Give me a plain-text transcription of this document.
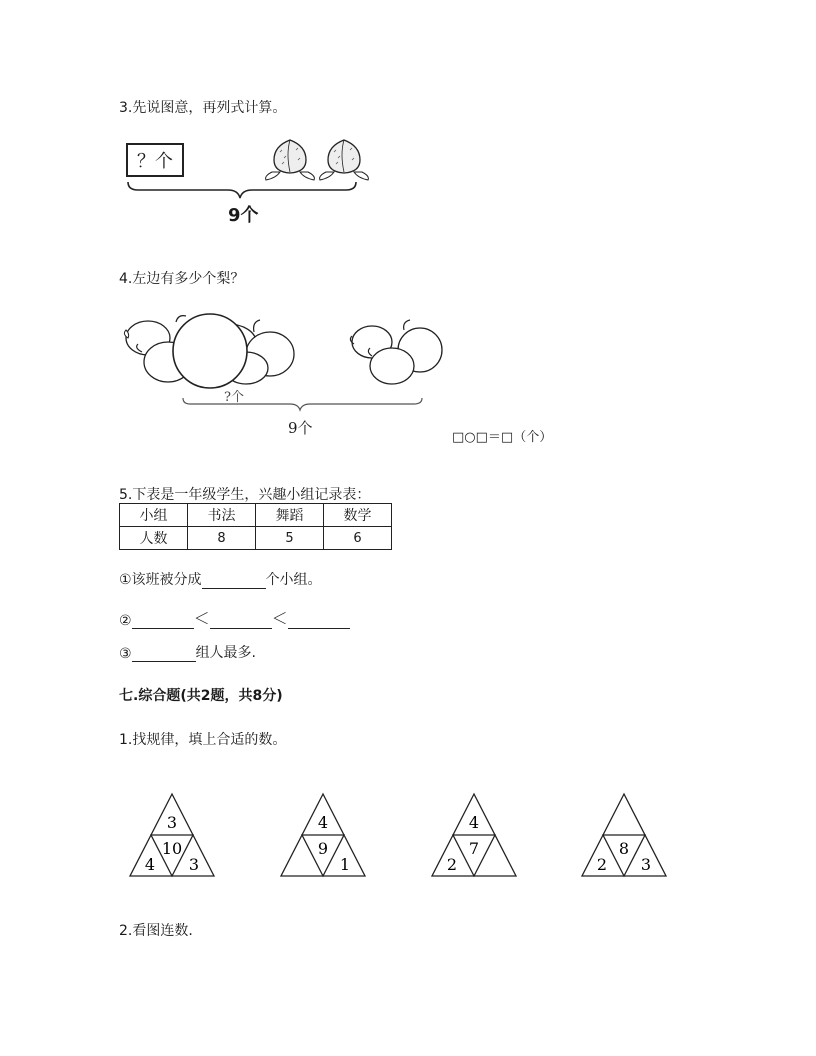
3.先说图意，再列式计算。
？个
9个
4.左边有多少个梨？
?个
9个
□○□＝□（个）
5.下表是一年级学生，兴趣小组记录表：
小组	书法	舞蹈	数学
人数	8	5	6
①该班被分成	个小组。
②	＜	＜
③	组人最多.
七.综合题(共2题，共8分)
1.找规律，填上合适的数。
3
10
4 3
4
9
1
4
7
2
8
2 3
2.看图连数.
